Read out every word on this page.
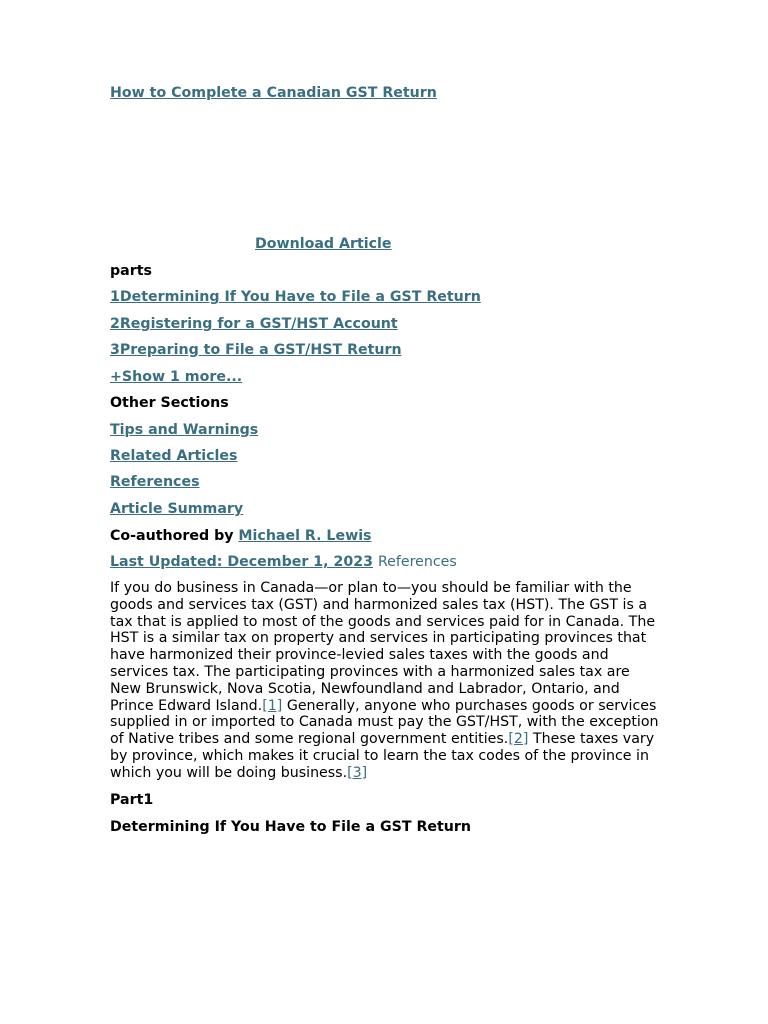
How to Complete a Canadian GST Return
Download Article
parts
1Determining If You Have to File a GST Return
2Registering for a GST/HST Account
3Preparing to File a GST/HST Return
+Show 1 more...
Other Sections
Tips and Warnings
Related Articles
References
Article Summary
Co-authored by Michael R. Lewis
Last Updated: December 1, 2023 References
If you do business in Canada—or plan to—you should be familiar with the goods and services tax (GST) and harmonized sales tax (HST). The GST is a tax that is applied to most of the goods and services paid for in Canada. The HST is a similar tax on property and services in participating provinces that have harmonized their province-levied sales taxes with the goods and services tax. The participating provinces with a harmonized sales tax are New Brunswick, Nova Scotia, Newfoundland and Labrador, Ontario, and Prince Edward Island.[1] Generally, anyone who purchases goods or services supplied in or imported to Canada must pay the GST/HST, with the exception of Native tribes and some regional government entities.[2] These taxes vary by province, which makes it crucial to learn the tax codes of the province in which you will be doing business.[3]
Part1
Determining If You Have to File a GST Return
